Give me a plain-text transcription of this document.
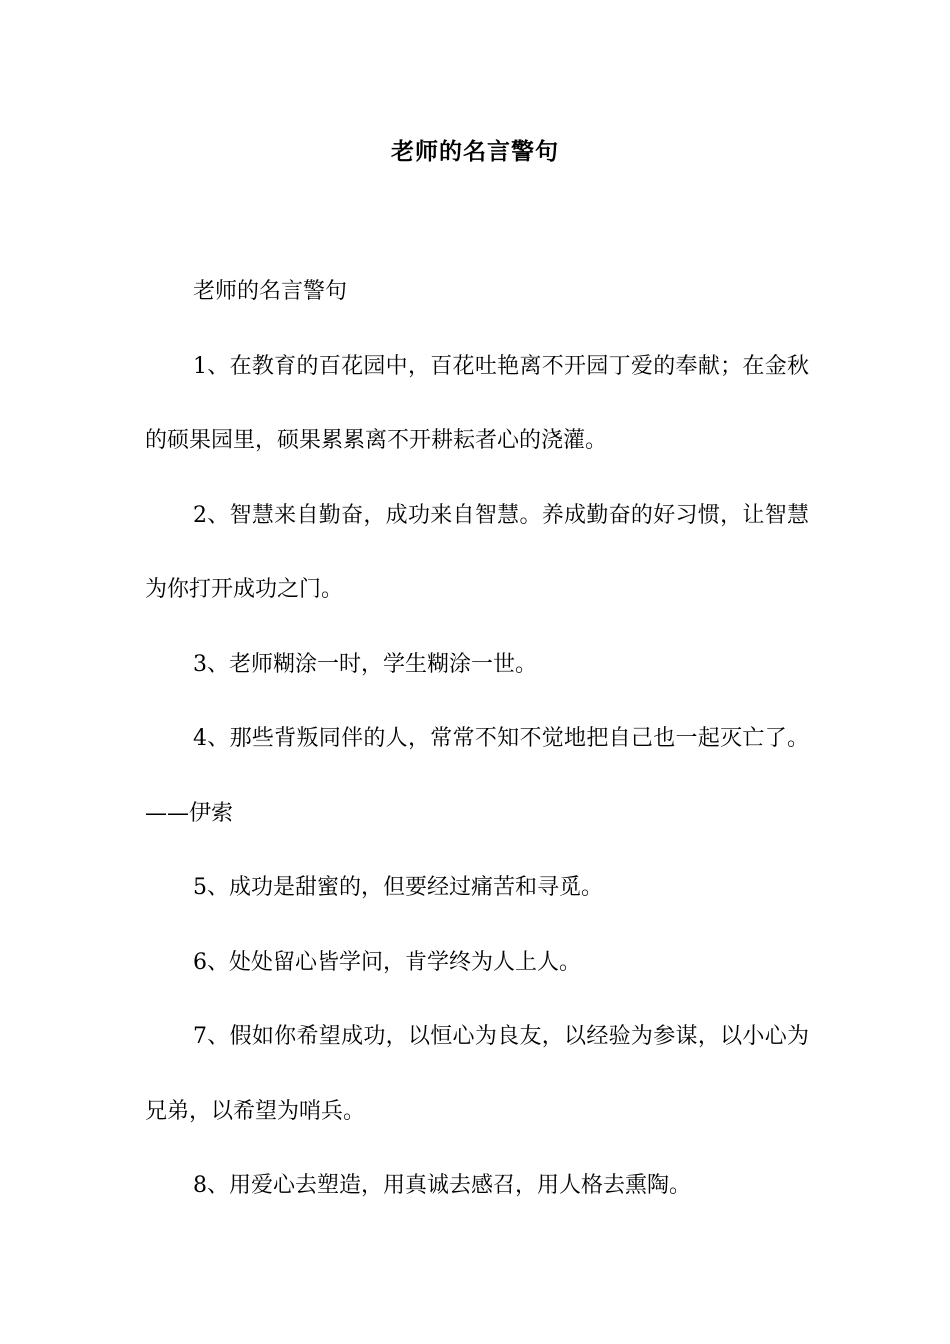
老师的名言警句

老师的名言警句

1、在教育的百花园中，百花吐艳离不开园丁爱的奉献；在金秋的硕果园里，硕果累累离不开耕耘者心的浇灌。

2、智慧来自勤奋，成功来自智慧。养成勤奋的好习惯，让智慧为你打开成功之门。

3、老师糊涂一时，学生糊涂一世。

4、那些背叛同伴的人，常常不知不觉地把自己也一起灭亡了。 ——伊索

5、成功是甜蜜的，但要经过痛苦和寻觅。

6、处处留心皆学问，肯学终为人上人。

7、假如你希望成功，以恒心为良友，以经验为参谋，以小心为兄弟，以希望为哨兵。

8、用爱心去塑造，用真诚去感召，用人格去熏陶。
